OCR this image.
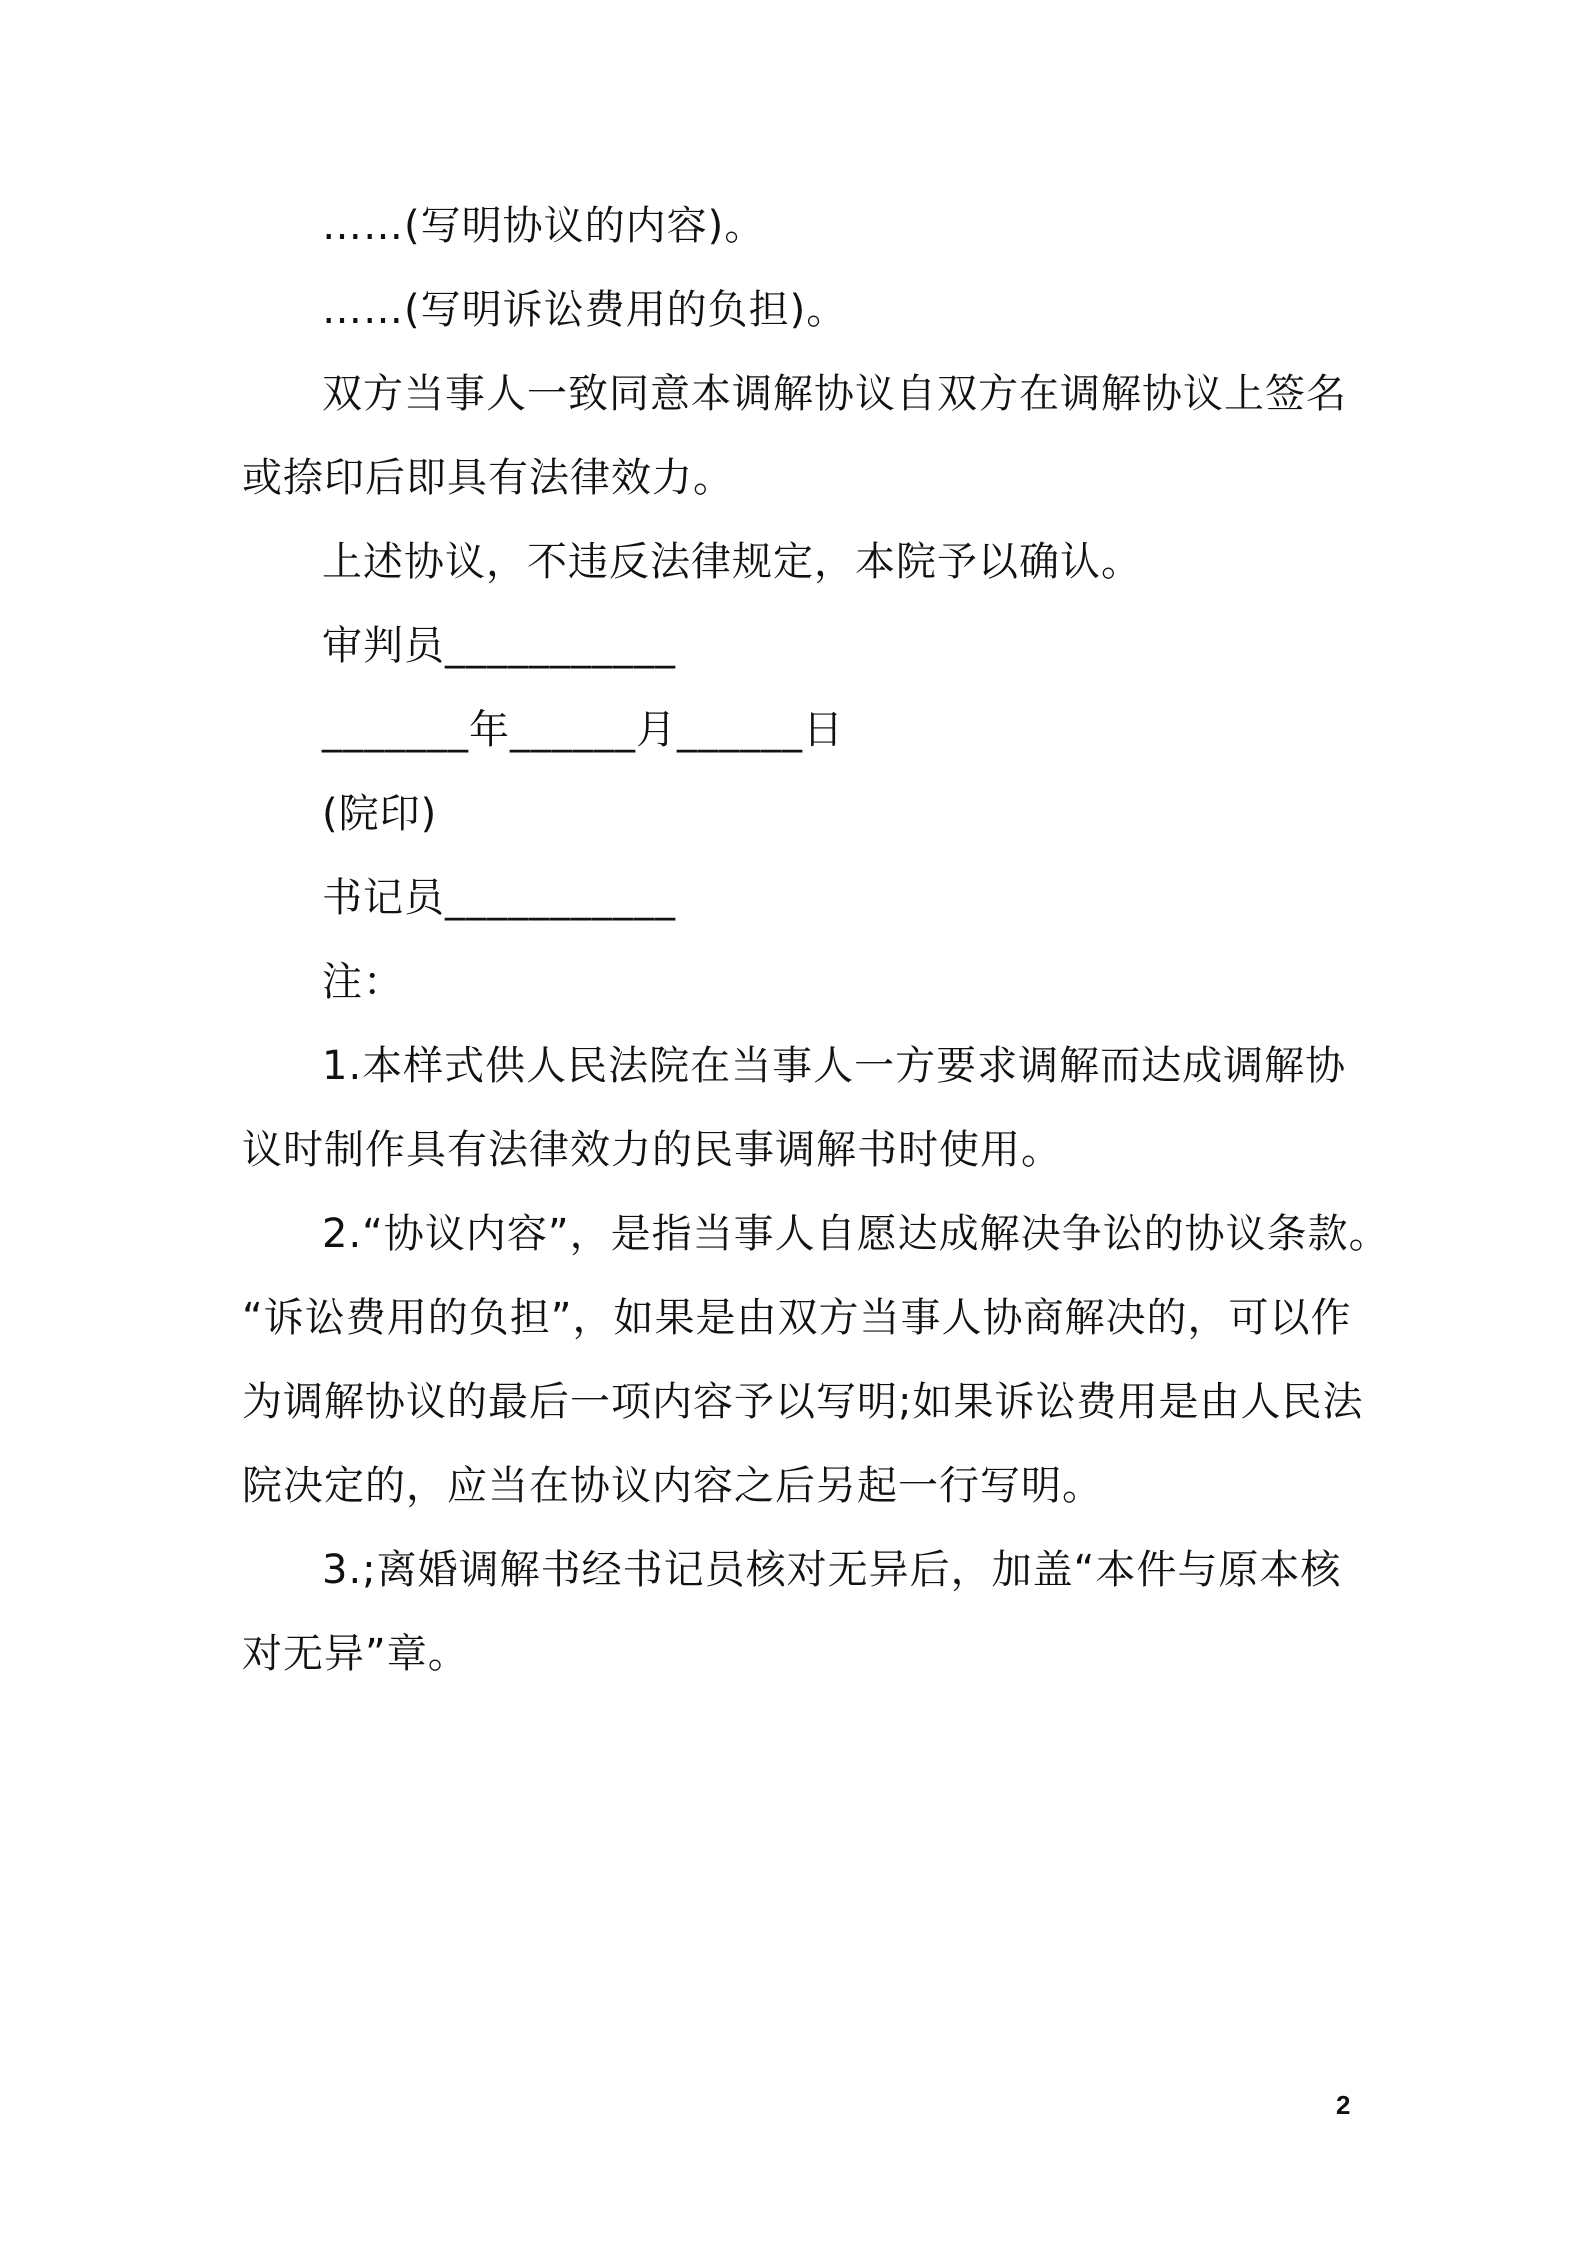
……(写明协议的内容)。
……(写明诉讼费用的负担)。
双方当事人一致同意本调解协议自双方在调解协议上签名
或捺印后即具有法律效力。
上述协议，不违反法律规定，本院予以确认。
审判员___________
_______年______月______日
(院印)
书记员___________
注：
1.本样式供人民法院在当事人一方要求调解而达成调解协
议时制作具有法律效力的民事调解书时使用。
2.“协议内容”，是指当事人自愿达成解决争讼的协议条款。
“诉讼费用的负担”，如果是由双方当事人协商解决的，可以作
为调解协议的最后一项内容予以写明;如果诉讼费用是由人民法
院决定的，应当在协议内容之后另起一行写明。
3.;离婚调解书经书记员核对无异后，加盖“本件与原本核
对无异”章。
2
